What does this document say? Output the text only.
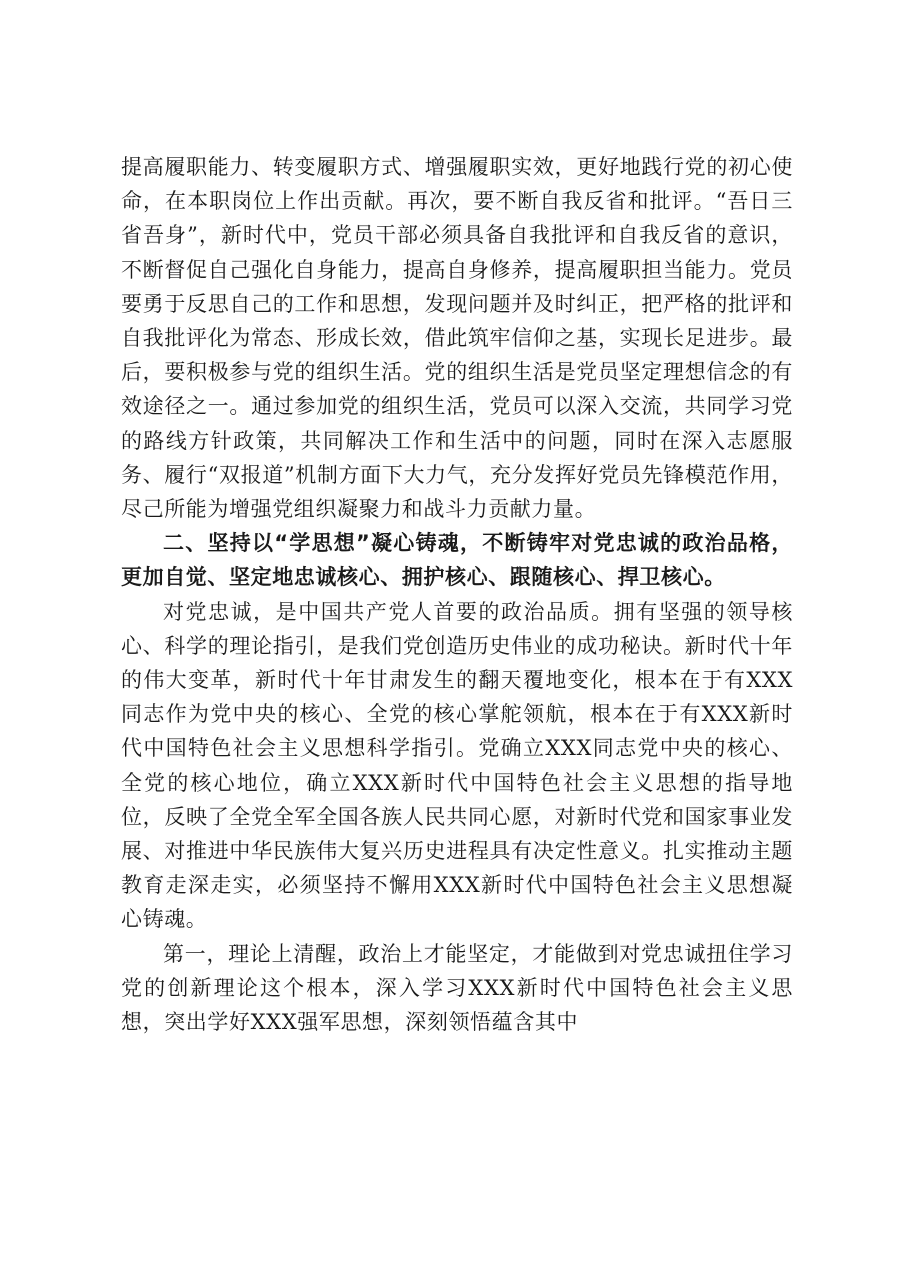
提高履职能力、转变履职方式、增强履职实效，更好地践行党的初心使命，在本职岗位上作出贡献。再次，要不断自我反省和批评。“吾日三省吾身”，新时代中，党员干部必须具备自我批评和自我反省的意识，不断督促自己强化自身能力，提高自身修养，提高履职担当能力。党员要勇于反思自己的工作和思想，发现问题并及时纠正，把严格的批评和自我批评化为常态、形成长效，借此筑牢信仰之基，实现长足进步。最后，要积极参与党的组织生活。党的组织生活是党员坚定理想信念的有效途径之一。通过参加党的组织生活，党员可以深入交流，共同学习党的路线方针政策，共同解决工作和生活中的问题，同时在深入志愿服务、履行“双报道”机制方面下大力气，充分发挥好党员先锋模范作用，尽己所能为增强党组织凝聚力和战斗力贡献力量。

二、坚持以“学思想”凝心铸魂，不断铸牢对党忠诚的政治品格，更加自觉、坚定地忠诚核心、拥护核心、跟随核心、捍卫核心。

对党忠诚，是中国共产党人首要的政治品质。拥有坚强的领导核心、科学的理论指引，是我们党创造历史伟业的成功秘诀。新时代十年的伟大变革，新时代十年甘肃发生的翻天覆地变化，根本在于有XXX同志作为党中央的核心、全党的核心掌舵领航，根本在于有XXX新时代中国特色社会主义思想科学指引。党确立XXX同志党中央的核心、全党的核心地位，确立XXX新时代中国特色社会主义思想的指导地位，反映了全党全军全国各族人民共同心愿，对新时代党和国家事业发展、对推进中华民族伟大复兴历史进程具有决定性意义。扎实推动主题教育走深走实，必须坚持不懈用XXX新时代中国特色社会主义思想凝心铸魂。

第一，理论上清醒，政治上才能坚定，才能做到对党忠诚扭住学习党的创新理论这个根本，深入学习XXX新时代中国特色社会主义思想，突出学好XXX强军思想，深刻领悟蕴含其中
